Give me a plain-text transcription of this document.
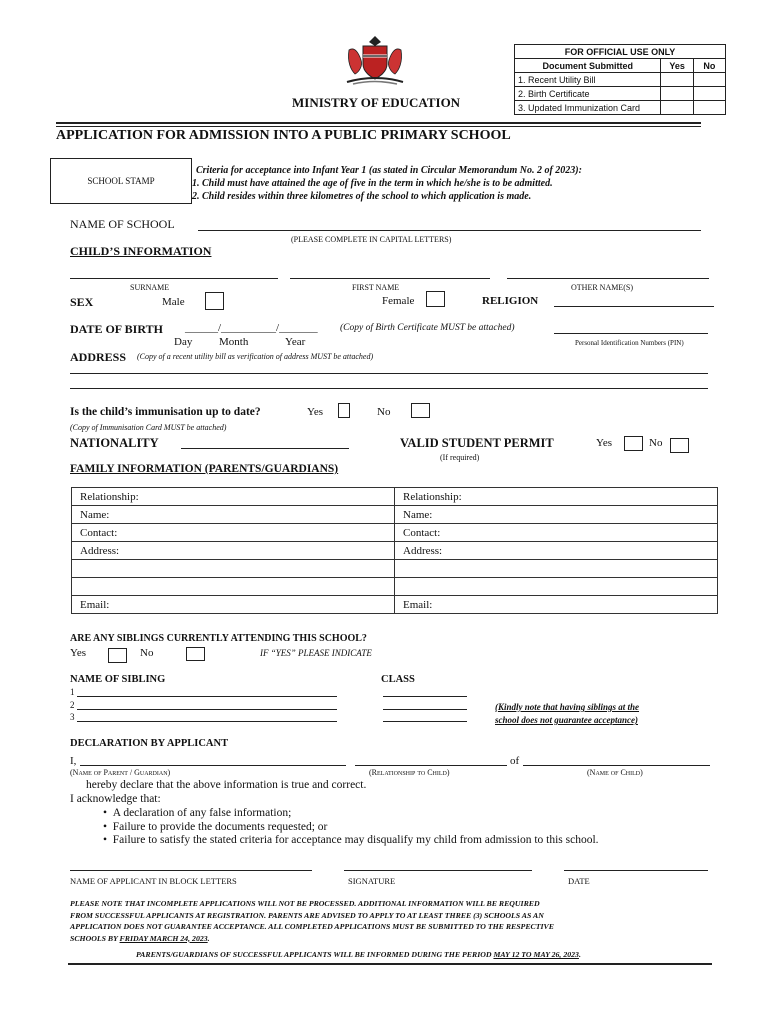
FOR OFFICIAL USE ONLY		
Document Submitted	Yes	No
1. Recent Utility Bill		
2. Birth Certificate		
3. Updated Immunization Card		
MINISTRY OF EDUCATION
APPLICATION FOR ADMISSION INTO A PUBLIC PRIMARY SCHOOL
SCHOOL STAMP
Criteria for acceptance into Infant Year 1 (as stated in Circular Memorandum No. 2 of 2023):
1. Child must have attained the age of five in the term in which he/she is to be admitted.
2. Child resides within three kilometres of the school to which application is made.
NAME OF SCHOOL
(PLEASE COMPLETE IN CAPITAL LETTERS)
CHILD’S INFORMATION
SURNAME	FIRST NAME	OTHER NAME(S)
SEX	Male	Female	RELIGION
DATE OF BIRTH ______/__________/_______ (Copy of Birth Certificate MUST be attached)
Day Month	Year	Personal Identification Numbers (PIN)
ADDRESS (Copy of a recent utility bill as verification of address MUST be attached)
Is the child’s immunisation up to date?	Yes	No
(Copy of Immunisation Card MUST be attached)
NATIONALITY	VALID STUDENT PERMIT	Yes	No
(If required)
FAMILY INFORMATION (PARENTS/GUARDIANS)
Relationship:	Relationship:
Name:	Name:
Contact:	Contact:
Address:	Address:

Email:	Email:
ARE ANY SIBLINGS CURRENTLY ATTENDING THIS SCHOOL?
Yes	No	IF “YES” PLEASE INDICATE
NAME OF SIBLING	CLASS
1
2
3
(Kindly note that having siblings at the
school does not guarantee acceptance)
DECLARATION BY APPLICANT
I,	of
(Name of Parent / Guardian)	(Relationship to Child)	(Name of Child)
hereby declare that the above information is true and correct.
I acknowledge that:
•  A declaration of any false information;
•  Failure to provide the documents requested; or
•  Failure to satisfy the stated criteria for acceptance may disqualify my child from admission to this school.
NAME OF APPLICANT IN BLOCK LETTERS	SIGNATURE	DATE
PLEASE NOTE THAT INCOMPLETE APPLICATIONS WILL NOT BE PROCESSED. ADDITIONAL INFORMATION WILL BE REQUIRED
FROM SUCCESSFUL APPLICANTS AT REGISTRATION. PARENTS ARE ADVISED TO APPLY TO AT LEAST THREE (3) SCHOOLS AS AN
APPLICATION DOES NOT GUARANTEE ACCEPTANCE. ALL COMPLETED APPLICATIONS MUST BE SUBMITTED TO THE RESPECTIVE
SCHOOLS BY FRIDAY MARCH 24, 2023.
PARENTS/GUARDIANS OF SUCCESSFUL APPLICANTS WILL BE INFORMED DURING THE PERIOD MAY 12 TO MAY 26, 2023.
